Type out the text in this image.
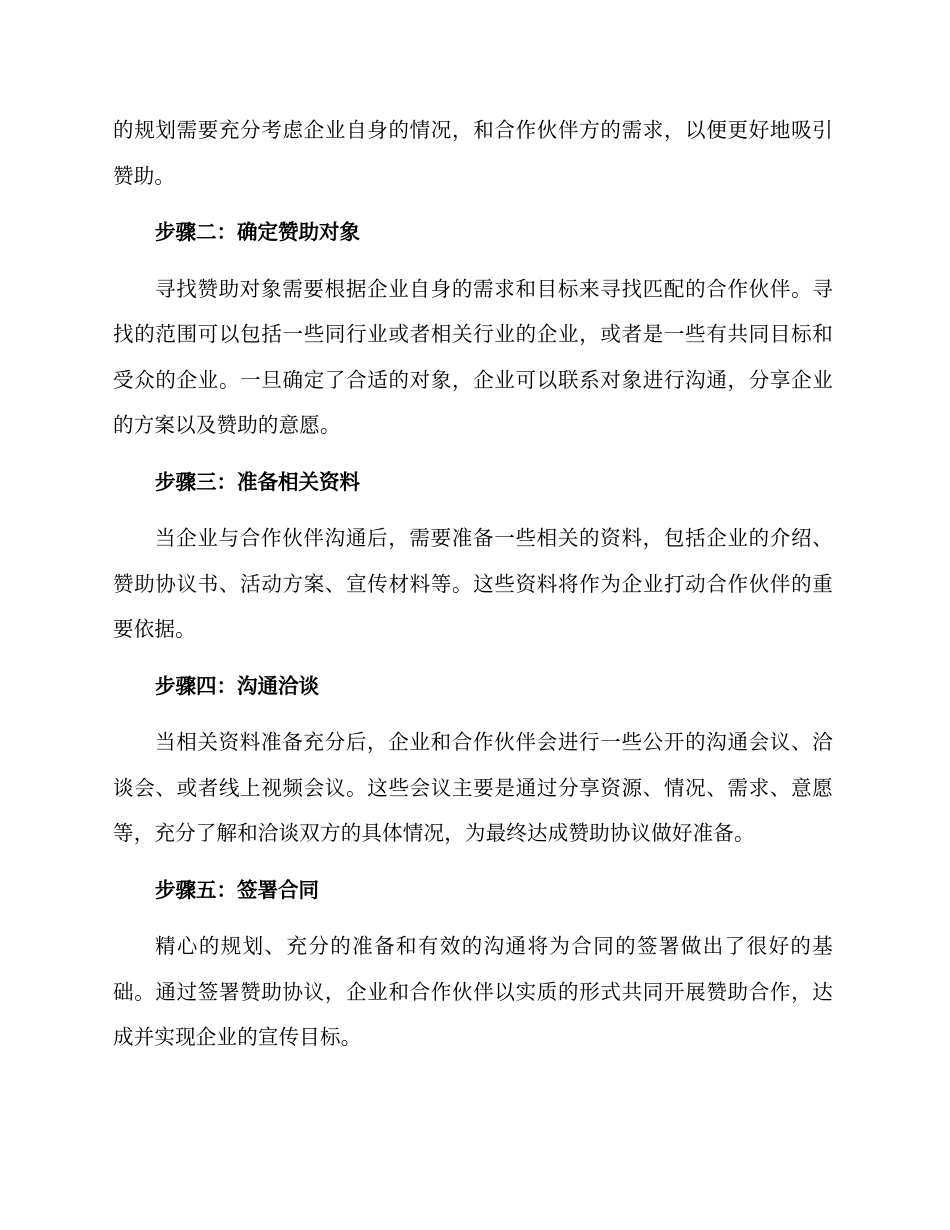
的规划需要充分考虑企业自身的情况，和合作伙伴方的需求，以便更好地吸引赞助。

步骤二：确定赞助对象

寻找赞助对象需要根据企业自身的需求和目标来寻找匹配的合作伙伴。寻找的范围可以包括一些同行业或者相关行业的企业，或者是一些有共同目标和受众的企业。一旦确定了合适的对象，企业可以联系对象进行沟通，分享企业的方案以及赞助的意愿。

步骤三：准备相关资料

当企业与合作伙伴沟通后，需要准备一些相关的资料，包括企业的介绍、赞助协议书、活动方案、宣传材料等。这些资料将作为企业打动合作伙伴的重要依据。

步骤四：沟通洽谈

当相关资料准备充分后，企业和合作伙伴会进行一些公开的沟通会议、洽谈会、或者线上视频会议。这些会议主要是通过分享资源、情况、需求、意愿等，充分了解和洽谈双方的具体情况，为最终达成赞助协议做好准备。

步骤五：签署合同

精心的规划、充分的准备和有效的沟通将为合同的签署做出了很好的基础。通过签署赞助协议，企业和合作伙伴以实质的形式共同开展赞助合作，达成并实现企业的宣传目标。
